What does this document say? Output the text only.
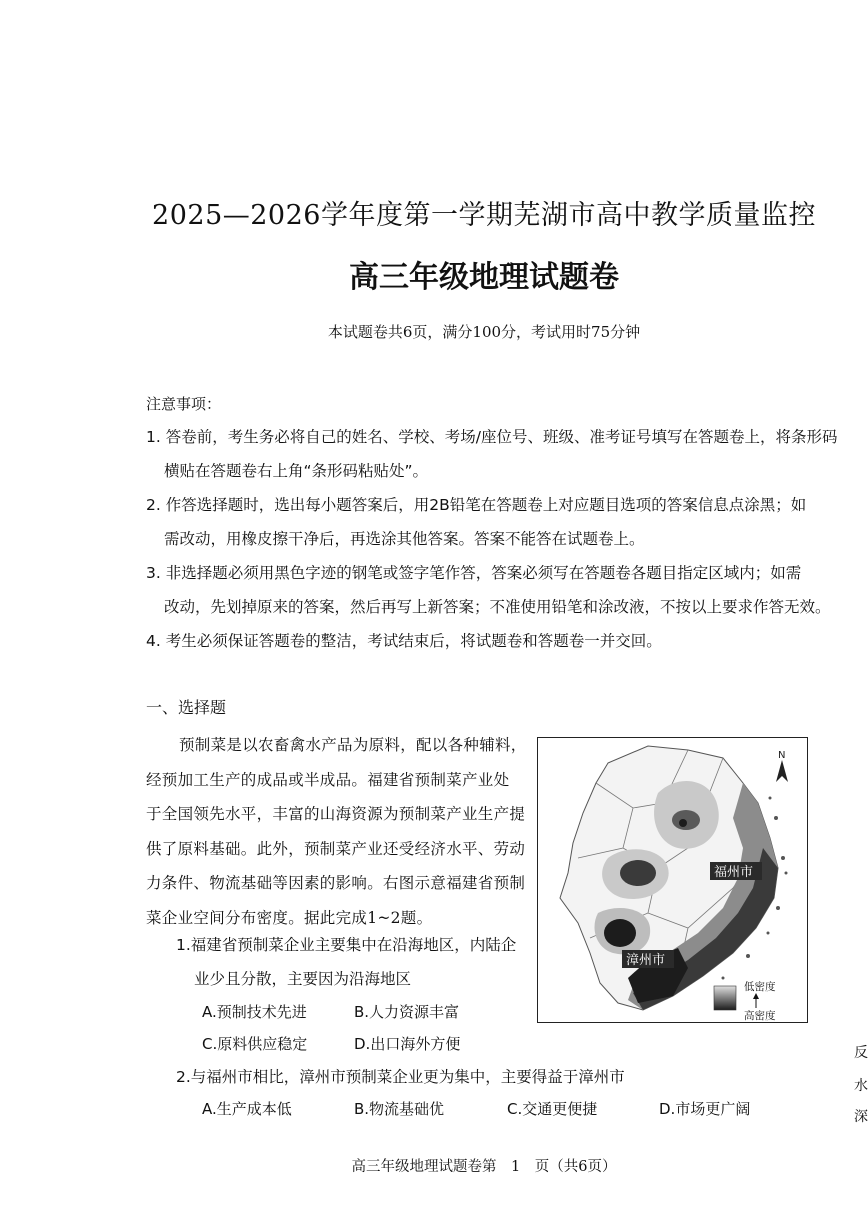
2025—2026学年度第一学期芜湖市高中教学质量监控
高三年级地理试题卷
本试题卷共6页，满分100分，考试用时75分钟
注意事项：
1. 答卷前，考生务必将自己的姓名、学校、考场/座位号、班级、准考证号填写在答题卷上，将条形码
横贴在答题卷右上角“条形码粘贴处”。
2. 作答选择题时，选出每小题答案后，用2B铅笔在答题卷上对应题目选项的答案信息点涂黑；如
需改动，用橡皮擦干净后，再选涂其他答案。答案不能答在试题卷上。
3. 非选择题必须用黑色字迹的钢笔或签字笔作答，答案必须写在答题卷各题目指定区域内；如需
改动，先划掉原来的答案，然后再写上新答案；不准使用铅笔和涂改液，不按以上要求作答无效。
4. 考生必须保证答题卷的整洁，考试结束后，将试题卷和答题卷一并交回。
一、选择题
预制菜是以农畜禽水产品为原料，配以各种辅料，
经预加工生产的成品或半成品。福建省预制菜产业处
于全国领先水平，丰富的山海资源为预制菜产业生产提
供了原料基础。此外，预制菜产业还受经济水平、劳动
力条件、物流基础等因素的影响。右图示意福建省预制
菜企业空间分布密度。据此完成1~2题。
福州市
漳州市
N
低密度
高密度
1.福建省预制菜企业主要集中在沿海地区，内陆企
业少且分散，主要因为沿海地区
A.预制技术先进	B.人力资源丰富
C.原料供应稳定	D.出口海外方便
2.与福州市相比，漳州市预制菜企业更为集中，主要得益于漳州市
A.生产成本低	B.物流基础优	C.交通更便捷	D.市场更广阔
反
水
深
高三年级地理试题卷第　1　页（共6页）
